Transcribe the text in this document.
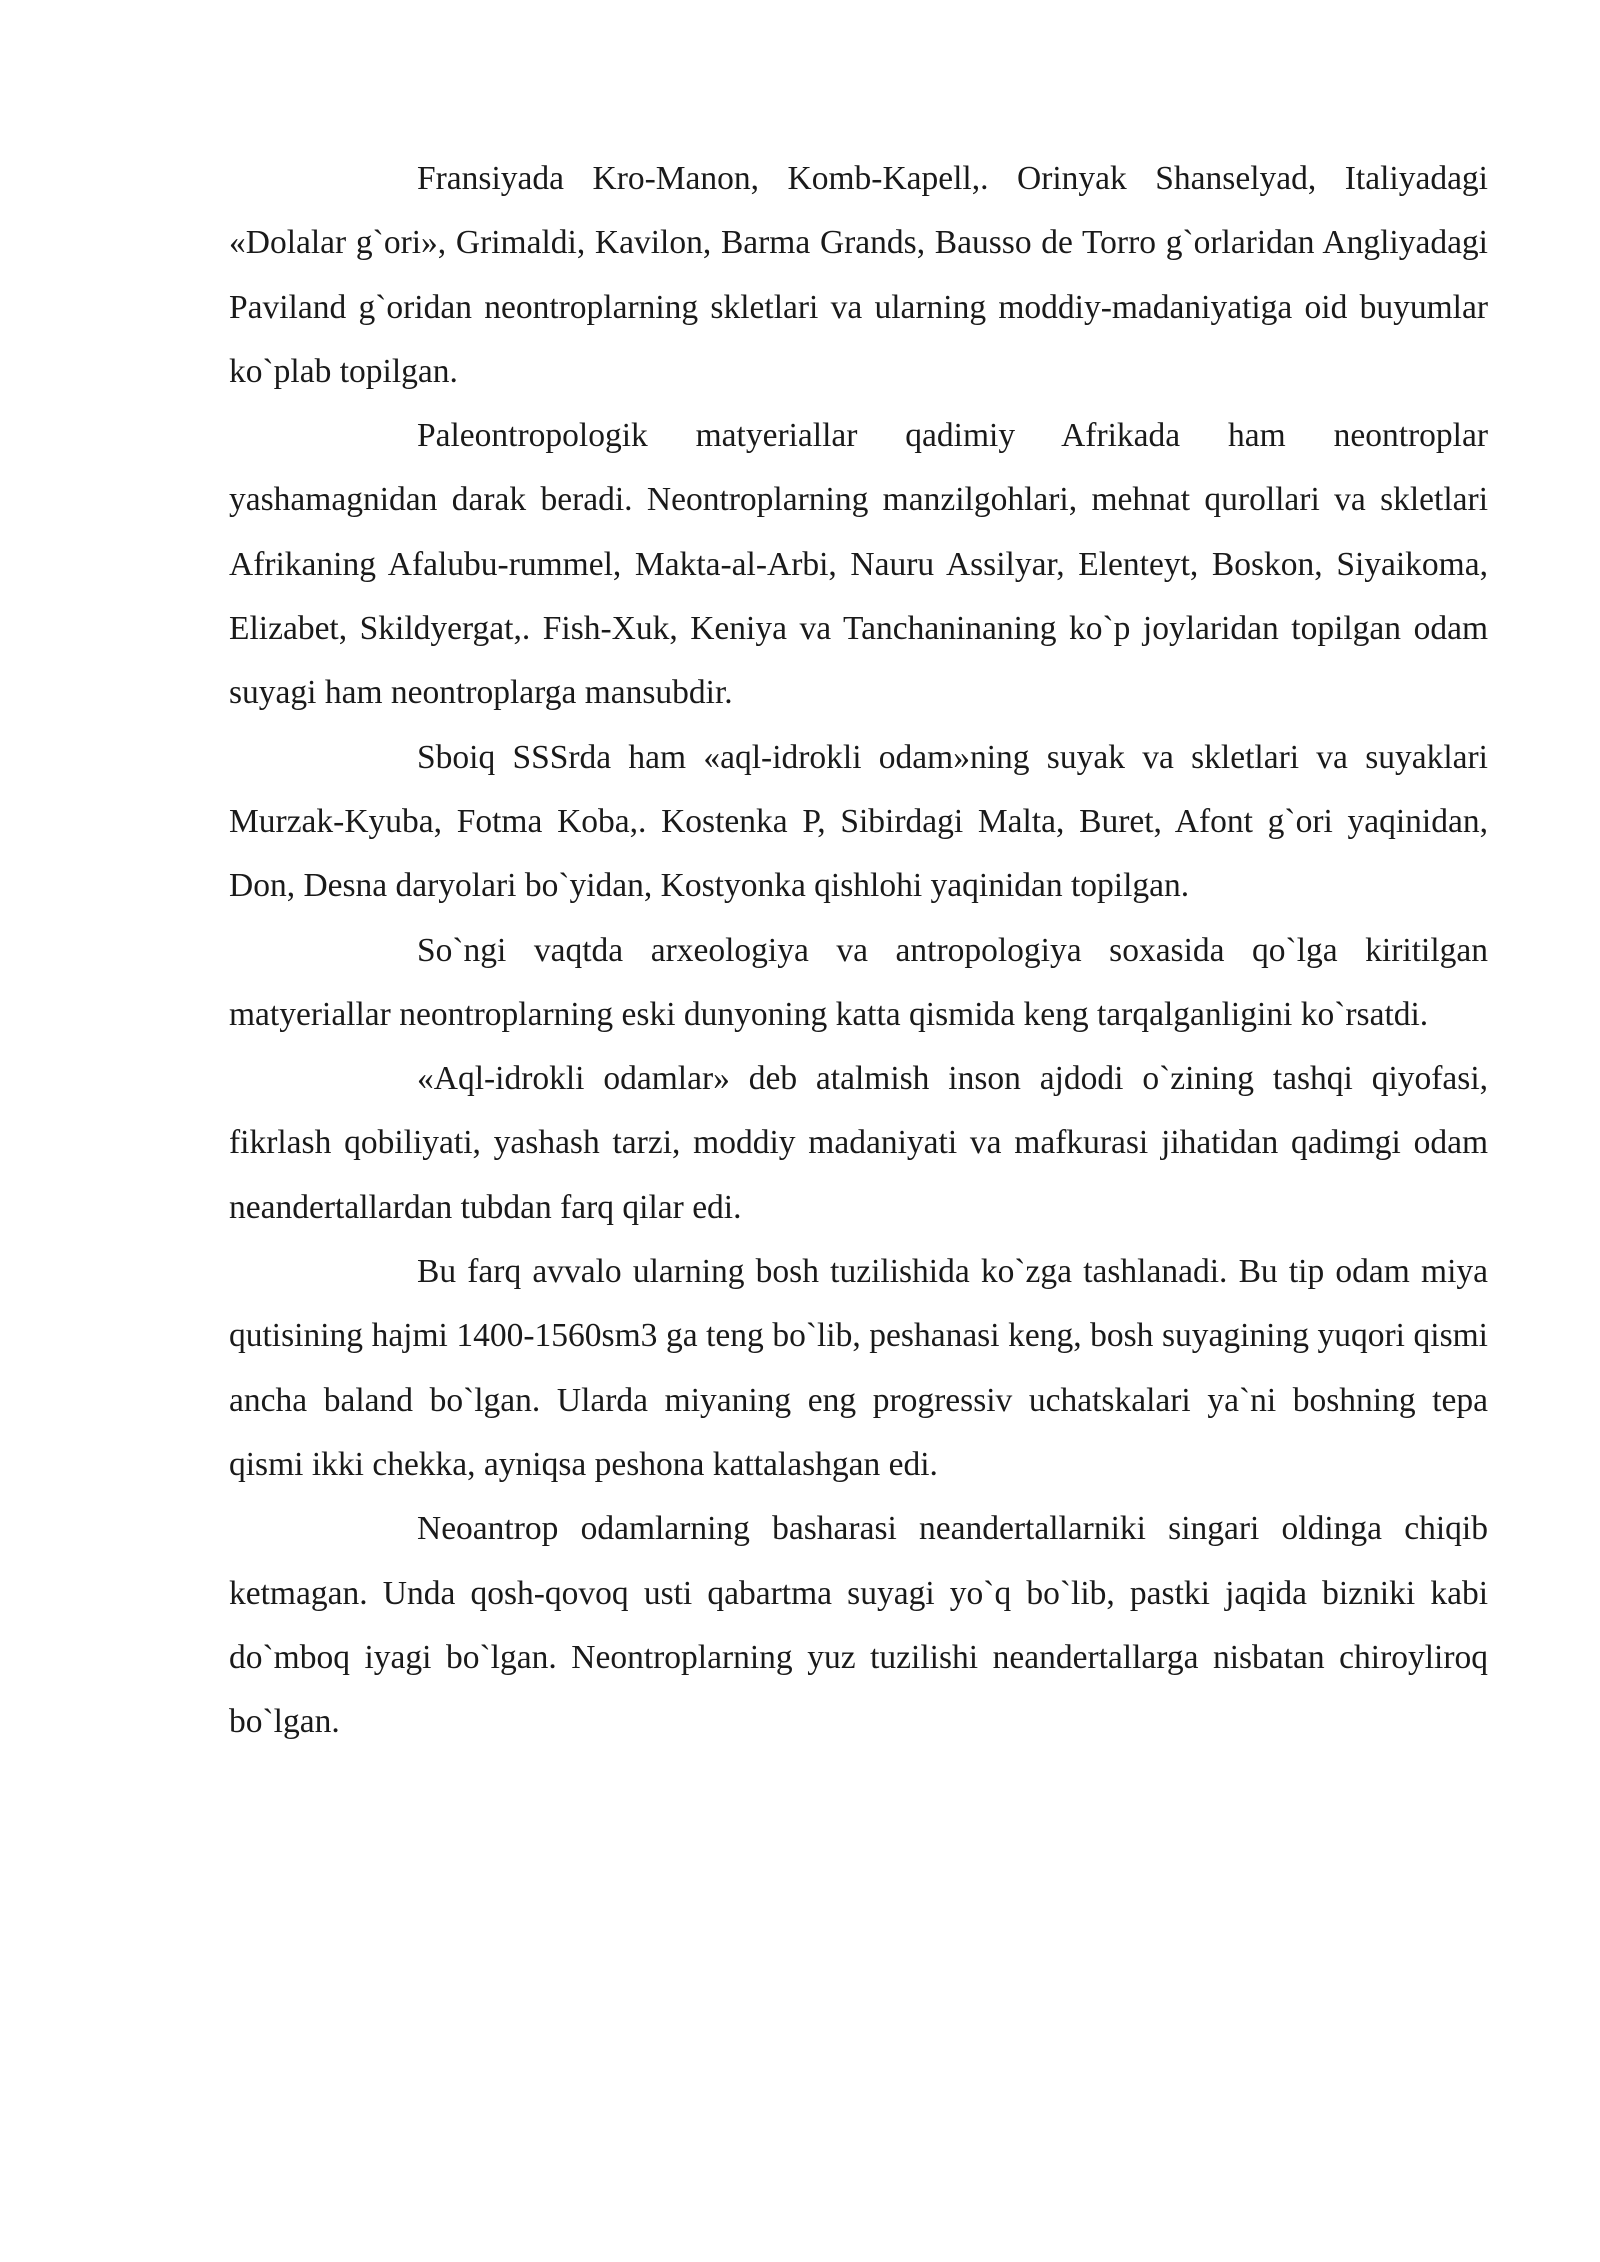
Fransiyada Kro-Manon, Komb-Kapell,. Orinyak Shanselyad, Italiyadagi «Dolalar g`ori», Grimaldi, Kavilon, Barma Grands, Bausso de Torro g`orlaridan Angliyadagi Paviland g`oridan neontroplarning skletlari va ularning moddiy-madaniyatiga oid buyumlar ko`plab topilgan.

Paleontropologik matyeriallar qadimiy Afrikada ham neontroplar yashamagnidan darak beradi. Neontroplarning manzilgohlari, mehnat qurollari va skletlari Afrikaning Afalubu-rummel, Makta-al-Arbi, Nauru Assilyar, Elenteyt, Boskon, Siyaikoma, Elizabet, Skildyergat,. Fish-Xuk, Keniya va Tanchaninaning ko`p joylaridan topilgan odam suyagi ham neontroplarga mansubdir.

Sboiq SSSrda ham «aql-idrokli odam»ning suyak va skletlari va suyaklari Murzak-Kyuba, Fotma Koba,. Kostenka P, Sibirdagi Malta, Buret, Afont g`ori yaqinidan, Don, Desna daryolari bo`yidan, Kostyonka qishlohi yaqinidan topilgan.

So`ngi vaqtda arxeologiya va antropologiya soxasida qo`lga kiritilgan matyeriallar neontroplarning eski dunyoning katta qismida keng tarqalganligini ko`rsatdi.

«Aql-idrokli odamlar» deb atalmish inson ajdodi o`zining tashqi qiyofasi, fikrlash qobiliyati, yashash tarzi, moddiy madaniyati va mafkurasi jihatidan qadimgi odam neandertallardan tubdan farq qilar edi.

Bu farq avvalo ularning bosh tuzilishida ko`zga tashlanadi. Bu tip odam miya qutisining hajmi 1400-1560sm3 ga teng bo`lib, peshanasi keng, bosh suyagining yuqori qismi ancha baland bo`lgan. Ularda miyaning eng progressiv uchatskalari ya`ni boshning tepa qismi ikki chekka, ayniqsa peshona kattalashgan edi.

Neoantrop odamlarning basharasi neandertallarniki singari oldinga chiqib ketmagan. Unda qosh-qovoq usti qabartma suyagi yo`q bo`lib, pastki jaqida bizniki kabi do`mboq iyagi bo`lgan. Neontroplarning yuz tuzilishi neandertallarga nisbatan chiroyliroq bo`lgan.
